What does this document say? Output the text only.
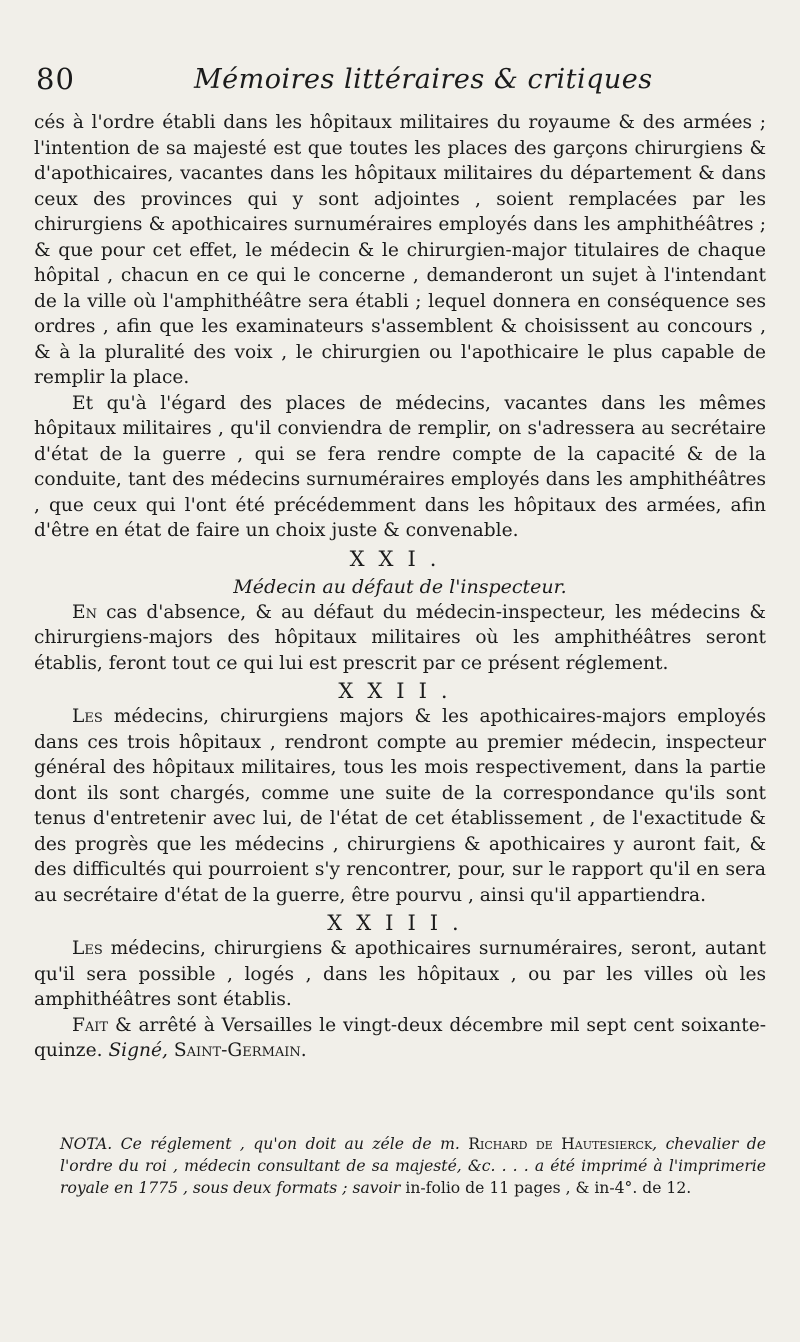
80	Mémoires littéraires & critiques

cés à l'ordre établi dans les hôpitaux militaires du royaume & des armées ; l'intention de sa majesté est que toutes les places des garçons chirurgiens & d'apothicaires, vacantes dans les hôpitaux militaires du département & dans ceux des provinces qui y sont adjointes , soient remplacées par les chirurgiens & apothicaires surnuméraires employés dans les amphithéâtres ; & que pour cet effet, le médecin & le chirurgien-major titulaires de chaque hôpital , chacun en ce qui le concerne , demanderont un sujet à l'intendant de la ville où l'amphithéâtre sera établi ; lequel donnera en conséquence ses ordres , afin que les examinateurs s'assemblent & choisissent au concours , & à la pluralité des voix , le chirurgien ou l'apothicaire le plus capable de remplir la place.

Et qu'à l'égard des places de médecins, vacantes dans les mêmes hôpitaux militaires , qu'il conviendra de remplir, on s'adressera au secrétaire d'état de la guerre , qui se fera rendre compte de la capacité & de la conduite, tant des médecins surnuméraires employés dans les amphithéâtres , que ceux qui l'ont été précédemment dans les hôpitaux des armées, afin d'être en état de faire un choix juste & convenable.

XXI.

Médecin au défaut de l'inspecteur.

En cas d'absence, & au défaut du médecin-inspecteur, les médecins & chirurgiens-majors des hôpitaux militaires où les amphithéâtres seront établis, feront tout ce qui lui est prescrit par ce présent réglement.

XXII.

Les médecins, chirurgiens majors & les apothicaires-majors employés dans ces trois hôpitaux , rendront compte au premier médecin, inspecteur général des hôpitaux militaires, tous les mois respectivement, dans la partie dont ils sont chargés, comme une suite de la correspondance qu'ils sont tenus d'entretenir avec lui, de l'état de cet établissement , de l'exactitude & des progrès que les médecins , chirurgiens & apothicaires y auront fait, & des difficultés qui pourroient s'y rencontrer, pour, sur le rapport qu'il en sera au secrétaire d'état de la guerre, être pourvu , ainsi qu'il appartiendra.

XXIII.

Les médecins, chirurgiens & apothicaires surnuméraires, seront, autant qu'il sera possible , logés , dans les hôpitaux , ou par les villes où les amphithéâtres sont établis.

Fait & arrêté à Versailles le vingt-deux décembre mil sept cent soixante-quinze. Signé, Saint-Germain.

NOTA. Ce réglement , qu'on doit au zéle de m. Richard de Hautesierck, chevalier de l'ordre du roi , médecin consultant de sa majesté, &c. . . . a été imprimé à l'imprimerie royale en 1775 , sous deux formats ; savoir in-folio de 11 pages , & in-4°. de 12.
